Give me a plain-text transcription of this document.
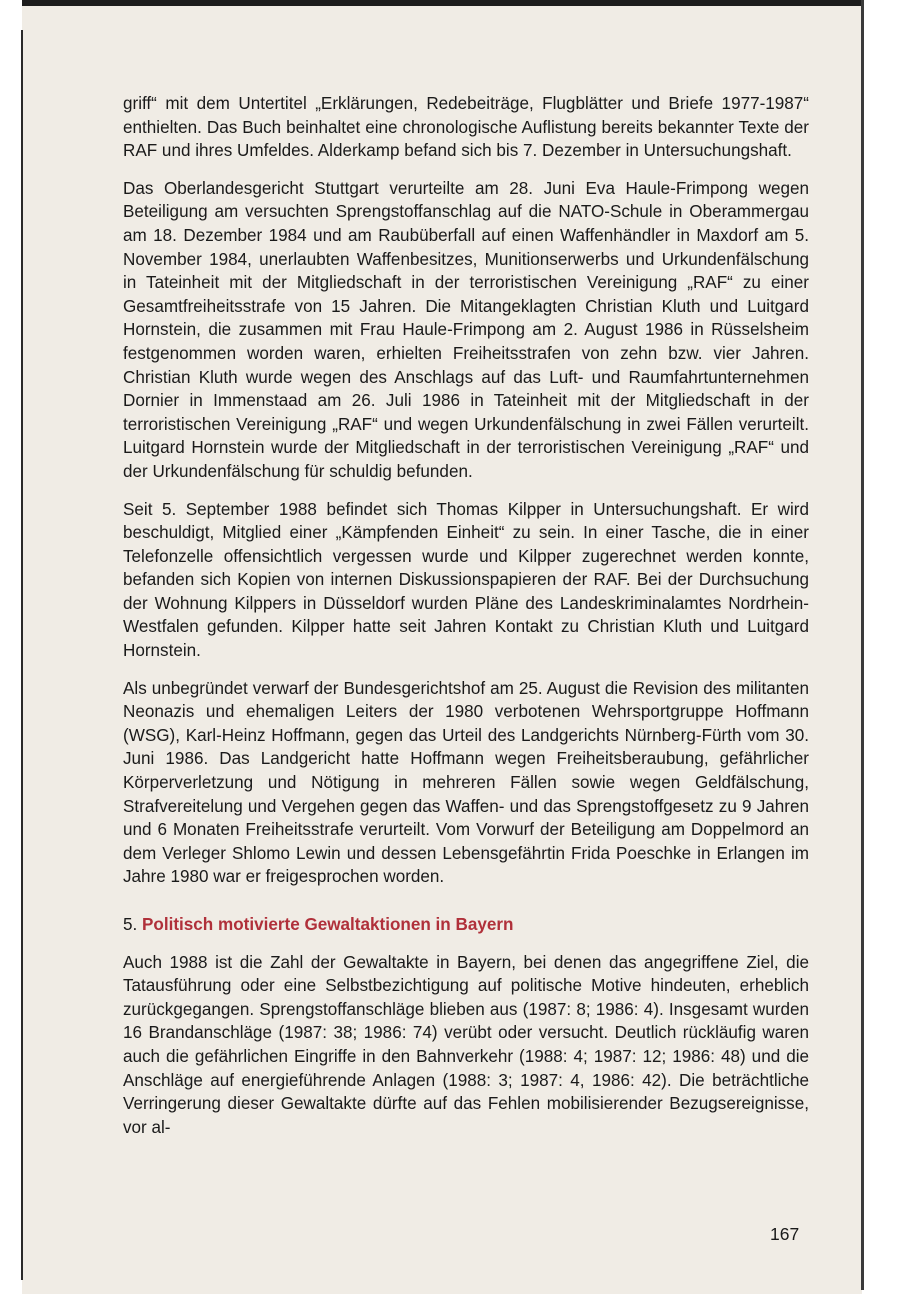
griff“ mit dem Untertitel „Erklärungen, Redebeiträge, Flugblätter und Briefe 1977-1987“ enthielten. Das Buch beinhaltet eine chronologische Auflistung bereits bekannter Texte der RAF und ihres Umfeldes. Alderkamp befand sich bis 7. Dezember in Untersuchungshaft.

Das Oberlandesgericht Stuttgart verurteilte am 28. Juni Eva Haule-Frimpong wegen Beteiligung am versuchten Sprengstoffanschlag auf die NATO-Schule in Oberammergau am 18. Dezember 1984 und am Raubüberfall auf einen Waffenhändler in Maxdorf am 5. November 1984, unerlaubten Waffenbesitzes, Munitionserwerbs und Urkundenfälschung in Tateinheit mit der Mitgliedschaft in der terroristischen Vereinigung „RAF“ zu einer Gesamtfreiheitsstrafe von 15 Jahren. Die Mitangeklagten Christian Kluth und Luitgard Hornstein, die zusammen mit Frau Haule-Frimpong am 2. August 1986 in Rüsselsheim festgenommen worden waren, erhielten Freiheitsstrafen von zehn bzw. vier Jahren. Christian Kluth wurde wegen des Anschlags auf das Luft- und Raumfahrtunternehmen Dornier in Immenstaad am 26. Juli 1986 in Tateinheit mit der Mitgliedschaft in der terroristischen Vereinigung „RAF“ und wegen Urkundenfälschung in zwei Fällen verurteilt. Luitgard Hornstein wurde der Mitgliedschaft in der terroristischen Vereinigung „RAF“ und der Urkundenfälschung für schuldig befunden.

Seit 5. September 1988 befindet sich Thomas Kilpper in Untersuchungshaft. Er wird beschuldigt, Mitglied einer „Kämpfenden Einheit“ zu sein. In einer Tasche, die in einer Telefonzelle offensichtlich vergessen wurde und Kilpper zugerechnet werden konnte, befanden sich Kopien von internen Diskussionspapieren der RAF. Bei der Durchsuchung der Wohnung Kilppers in Düsseldorf wurden Pläne des Landeskriminalamtes Nordrhein-Westfalen gefunden. Kilpper hatte seit Jahren Kontakt zu Christian Kluth und Luitgard Hornstein.

Als unbegründet verwarf der Bundesgerichtshof am 25. August die Revision des militanten Neonazis und ehemaligen Leiters der 1980 verbotenen Wehrsportgruppe Hoffmann (WSG), Karl-Heinz Hoffmann, gegen das Urteil des Landgerichts Nürnberg-Fürth vom 30. Juni 1986. Das Landgericht hatte Hoffmann wegen Freiheitsberaubung, gefährlicher Körperverletzung und Nötigung in mehreren Fällen sowie wegen Geldfälschung, Strafvereitelung und Vergehen gegen das Waffen- und das Sprengstoffgesetz zu 9 Jahren und 6 Monaten Freiheitsstrafe verurteilt. Vom Vorwurf der Beteiligung am Doppelmord an dem Verleger Shlomo Lewin und dessen Lebensgefährtin Frida Poeschke in Erlangen im Jahre 1980 war er freigesprochen worden.

5. Politisch motivierte Gewaltaktionen in Bayern

Auch 1988 ist die Zahl der Gewaltakte in Bayern, bei denen das angegriffene Ziel, die Tatausführung oder eine Selbstbezichtigung auf politische Motive hindeuten, erheblich zurückgegangen. Sprengstoffanschläge blieben aus (1987: 8; 1986: 4). Insgesamt wurden 16 Brandanschläge (1987: 38; 1986: 74) verübt oder versucht. Deutlich rückläufig waren auch die gefährlichen Eingriffe in den Bahnverkehr (1988: 4; 1987: 12; 1986: 48) und die Anschläge auf energieführende Anlagen (1988: 3; 1987: 4, 1986: 42). Die beträchtliche Verringerung dieser Gewaltakte dürfte auf das Fehlen mobilisierender Bezugsereignisse, vor al-

167
